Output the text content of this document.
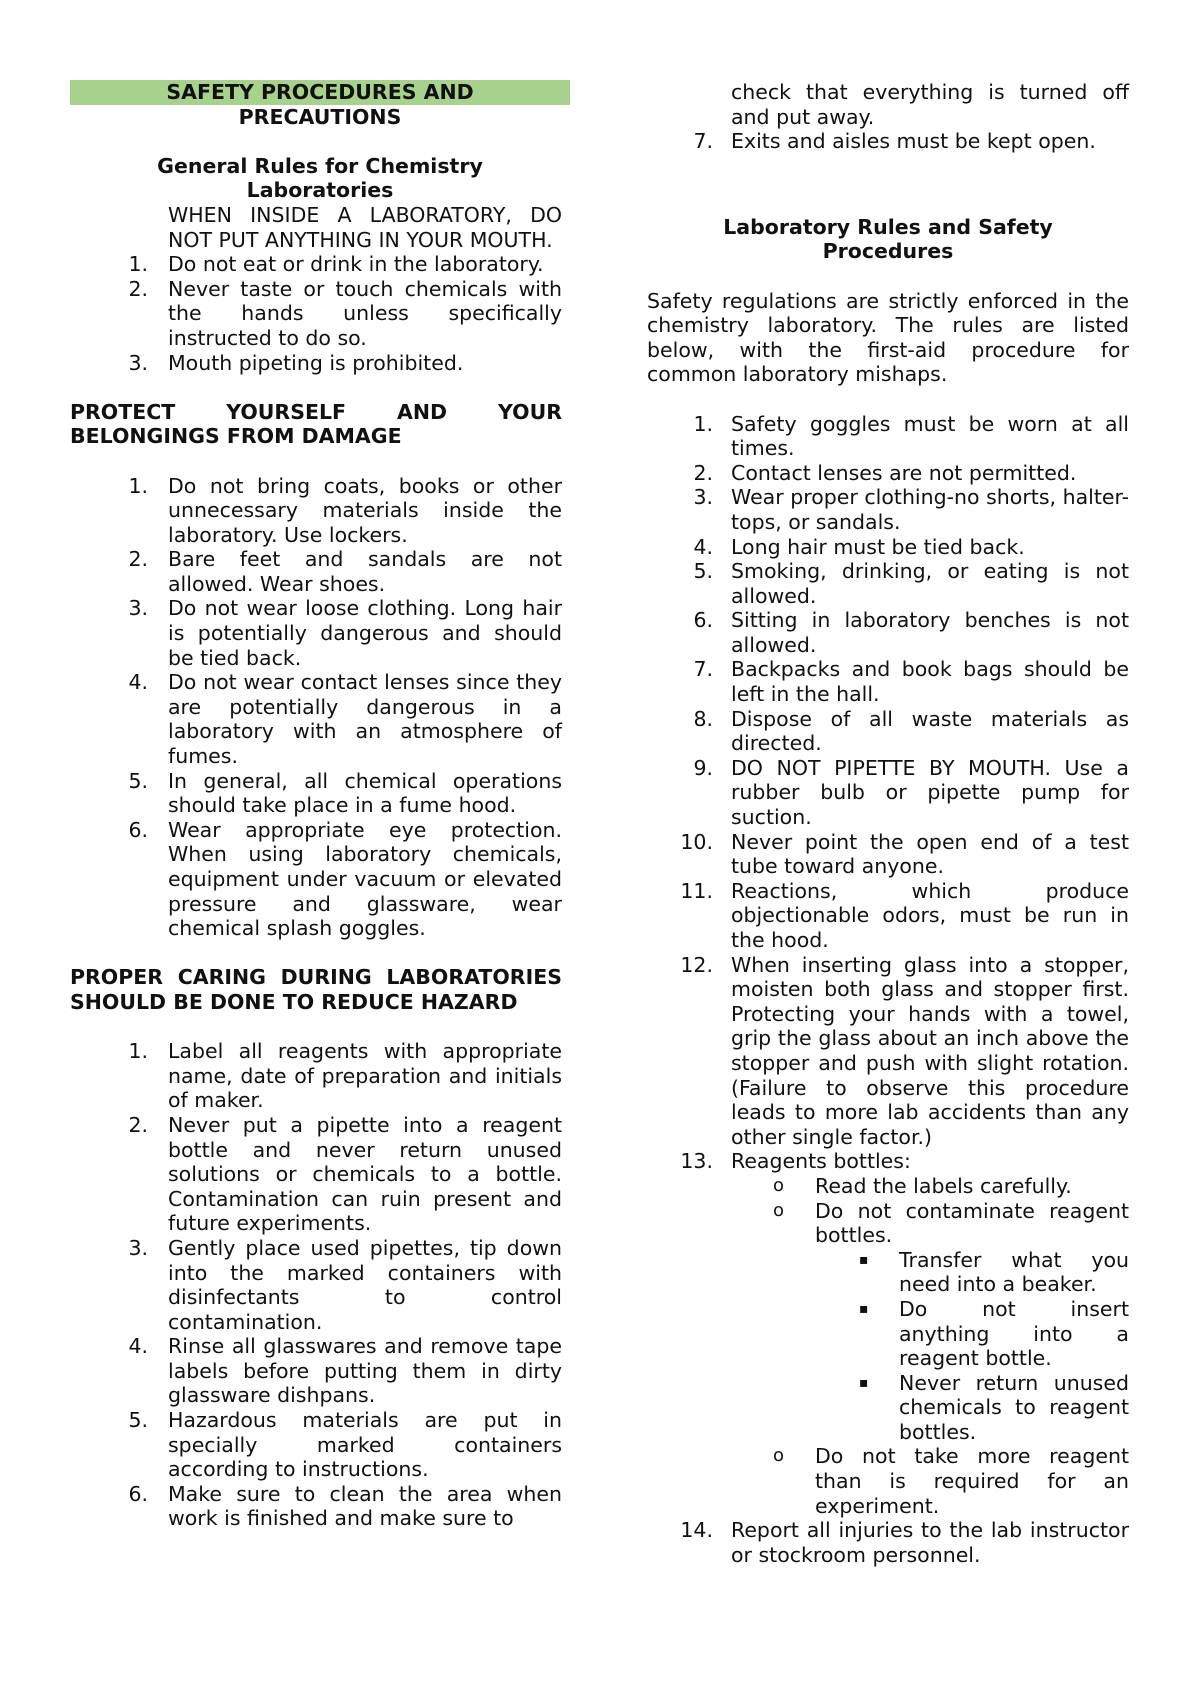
SAFETY PROCEDURES AND
PRECAUTIONS
General Rules for Chemistry Laboratories
WHEN INSIDE A LABORATORY, DO NOT PUT ANYTHING IN YOUR MOUTH.
1. Do not eat or drink in the laboratory.
2. Never taste or touch chemicals with the hands unless specifically instructed to do so.
3. Mouth pipeting is prohibited.
PROTECT YOURSELF AND YOUR BELONGINGS FROM DAMAGE
1. Do not bring coats, books or other unnecessary materials inside the laboratory. Use lockers.
2. Bare feet and sandals are not allowed. Wear shoes.
3. Do not wear loose clothing. Long hair is potentially dangerous and should be tied back.
4. Do not wear contact lenses since they are potentially dangerous in a laboratory with an atmosphere of fumes.
5. In general, all chemical operations should take place in a fume hood.
6. Wear appropriate eye protection. When using laboratory chemicals, equipment under vacuum or elevated pressure and glassware, wear chemical splash goggles.
PROPER CARING DURING LABORATORIES SHOULD BE DONE TO REDUCE HAZARD
1. Label all reagents with appropriate name, date of preparation and initials of maker.
2. Never put a pipette into a reagent bottle and never return unused solutions or chemicals to a bottle. Contamination can ruin present and future experiments.
3. Gently place used pipettes, tip down into the marked containers with disinfectants to control contamination.
4. Rinse all glasswares and remove tape labels before putting them in dirty glassware dishpans.
5. Hazardous materials are put in specially marked containers according to instructions.
6. Make sure to clean the area when work is finished and make sure to
check that everything is turned off and put away.
7. Exits and aisles must be kept open.
Laboratory Rules and Safety Procedures
Safety regulations are strictly enforced in the chemistry laboratory. The rules are listed below, with the first-aid procedure for common laboratory mishaps.
1. Safety goggles must be worn at all times.
2. Contact lenses are not permitted.
3. Wear proper clothing-no shorts, halter-tops, or sandals.
4. Long hair must be tied back.
5. Smoking, drinking, or eating is not allowed.
6. Sitting in laboratory benches is not allowed.
7. Backpacks and book bags should be left in the hall.
8. Dispose of all waste materials as directed.
9. DO NOT PIPETTE BY MOUTH. Use a rubber bulb or pipette pump for suction.
10. Never point the open end of a test tube toward anyone.
11. Reactions, which produce objectionable odors, must be run in the hood.
12. When inserting glass into a stopper, moisten both glass and stopper first. Protecting your hands with a towel, grip the glass about an inch above the stopper and push with slight rotation. (Failure to observe this procedure leads to more lab accidents than any other single factor.)
13. Reagents bottles:
o Read the labels carefully.
o Do not contaminate reagent bottles.
▪ Transfer what you need into a beaker.
▪ Do not insert anything into a reagent bottle.
▪ Never return unused chemicals to reagent bottles.
o Do not take more reagent than is required for an experiment.
14. Report all injuries to the lab instructor or stockroom personnel.
